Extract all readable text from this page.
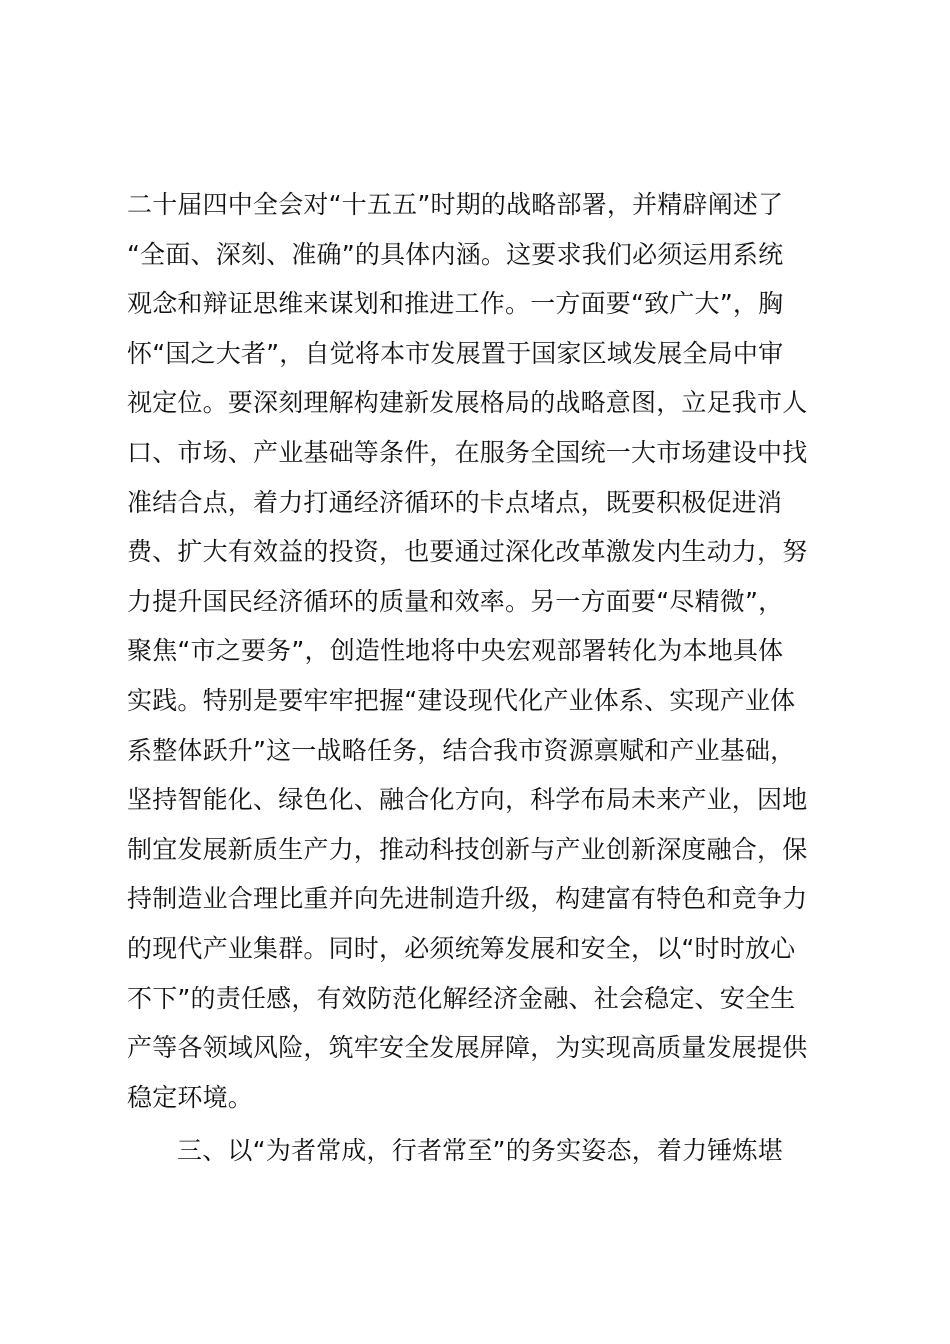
二十届四中全会对“十五五”时期的战略部署，并精辟阐述了
“全面、深刻、准确”的具体内涵。这要求我们必须运用系统
观念和辩证思维来谋划和推进工作。一方面要“致广大”，胸
怀“国之大者”，自觉将本市发展置于国家区域发展全局中审
视定位。要深刻理解构建新发展格局的战略意图，立足我市人
口、市场、产业基础等条件，在服务全国统一大市场建设中找
准结合点，着力打通经济循环的卡点堵点，既要积极促进消
费、扩大有效益的投资，也要通过深化改革激发内生动力，努
力提升国民经济循环的质量和效率。另一方面要“尽精微”，
聚焦“市之要务”，创造性地将中央宏观部署转化为本地具体
实践。特别是要牢牢把握“建设现代化产业体系、实现产业体
系整体跃升”这一战略任务，结合我市资源禀赋和产业基础，
坚持智能化、绿色化、融合化方向，科学布局未来产业，因地
制宜发展新质生产力，推动科技创新与产业创新深度融合，保
持制造业合理比重并向先进制造升级，构建富有特色和竞争力
的现代产业集群。同时，必须统筹发展和安全，以“时时放心
不下”的责任感，有效防范化解经济金融、社会稳定、安全生
产等各领域风险，筑牢安全发展屏障，为实现高质量发展提供
稳定环境。
三、以“为者常成，行者常至”的务实姿态，着力锤炼堪
